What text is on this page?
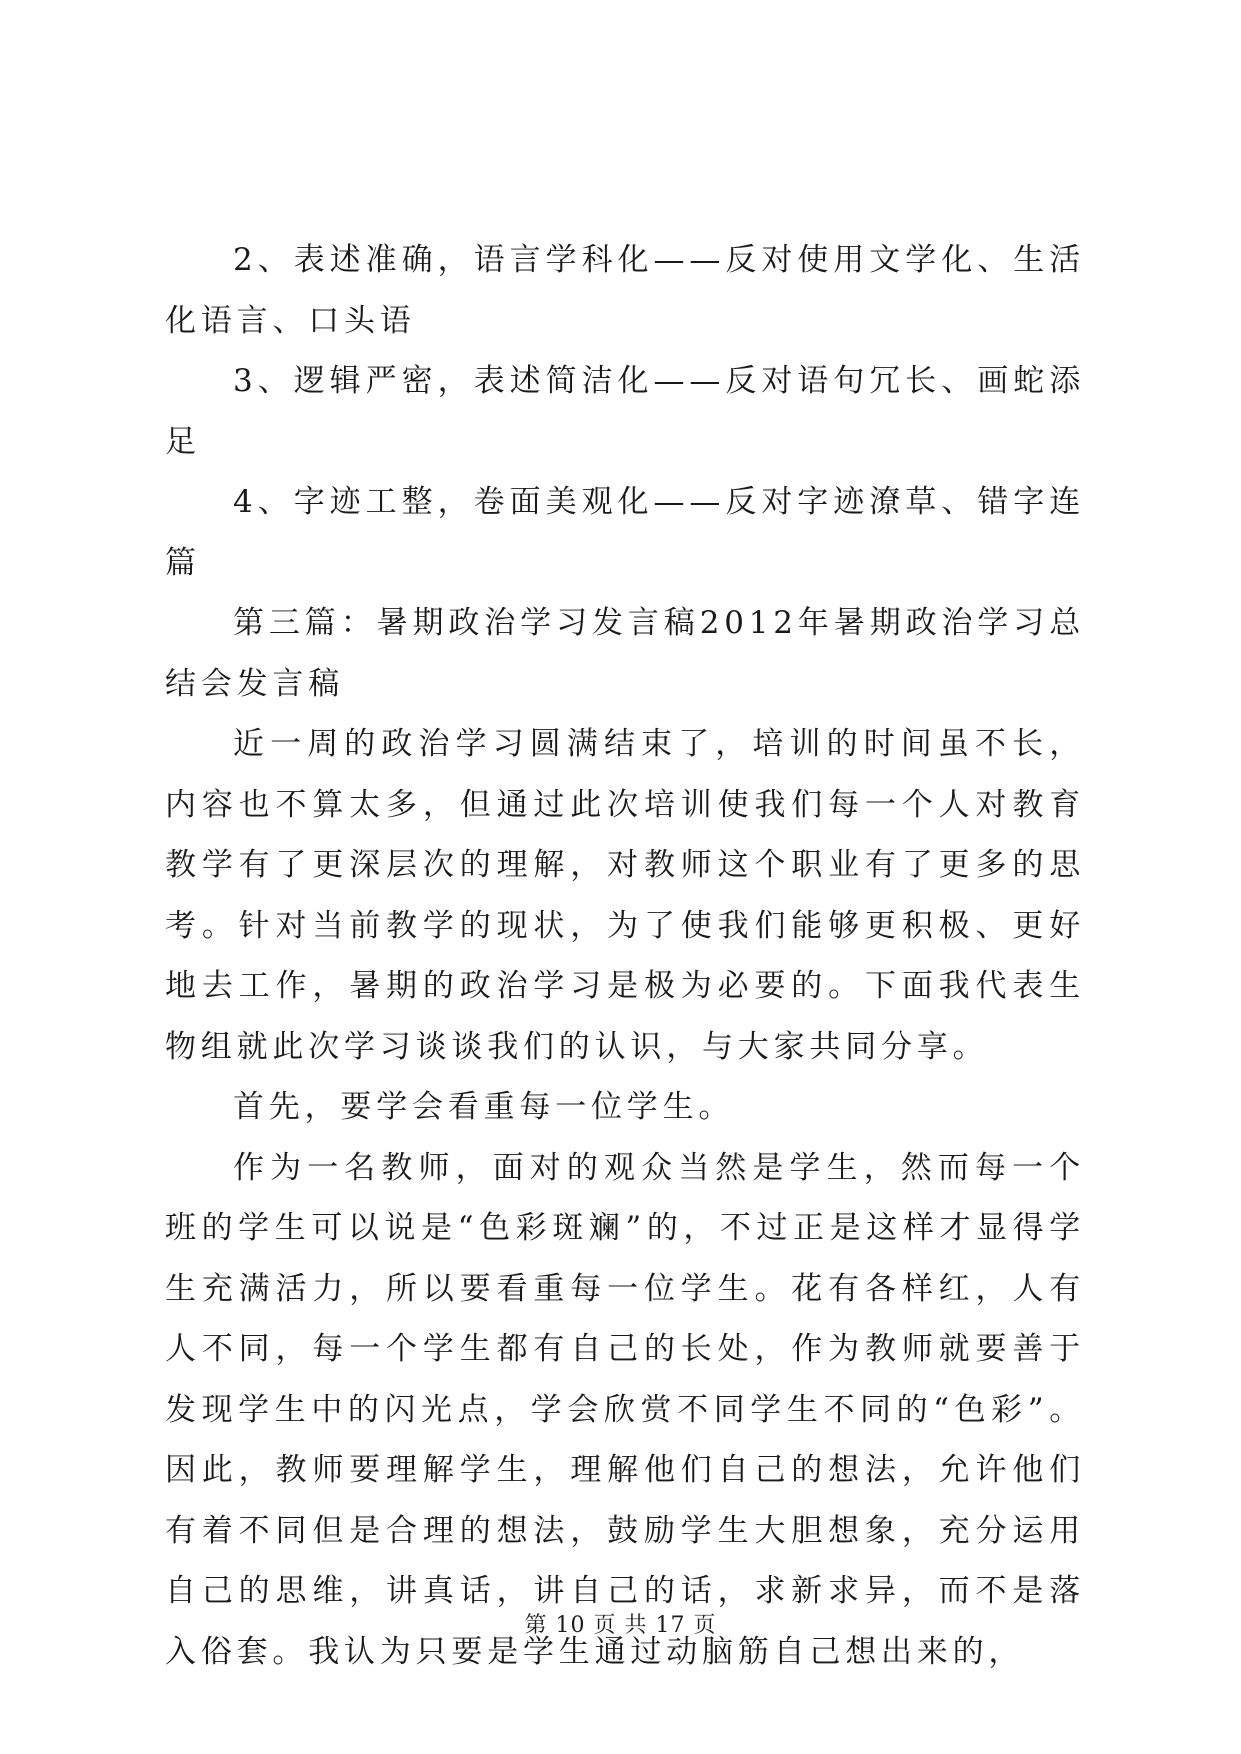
2、表述准确，语言学科化——反对使用文学化、生活化语言、口头语

3、逻辑严密，表述简洁化——反对语句冗长、画蛇添足

4、字迹工整，卷面美观化——反对字迹潦草、错字连篇

第三篇：暑期政治学习发言稿2012年暑期政治学习总结会发言稿

近一周的政治学习圆满结束了，培训的时间虽不长，内容也不算太多，但通过此次培训使我们每一个人对教育教学有了更深层次的理解，对教师这个职业有了更多的思考。针对当前教学的现状，为了使我们能够更积极、更好地去工作，暑期的政治学习是极为必要的。下面我代表生物组就此次学习谈谈我们的认识，与大家共同分享。

首先，要学会看重每一位学生。

作为一名教师，面对的观众当然是学生，然而每一个班的学生可以说是“色彩斑斓”的，不过正是这样才显得学生充满活力，所以要看重每一位学生。花有各样红，人有人不同，每一个学生都有自己的长处，作为教师就要善于发现学生中的闪光点，学会欣赏不同学生不同的“色彩”。因此，教师要理解学生，理解他们自己的想法，允许他们有着不同但是合理的想法，鼓励学生大胆想象，充分运用自己的思维，讲真话，讲自己的话，求新求异，而不是落入俗套。我认为只要是学生通过动脑筋自己想出来的，

第 10 页 共 17 页
